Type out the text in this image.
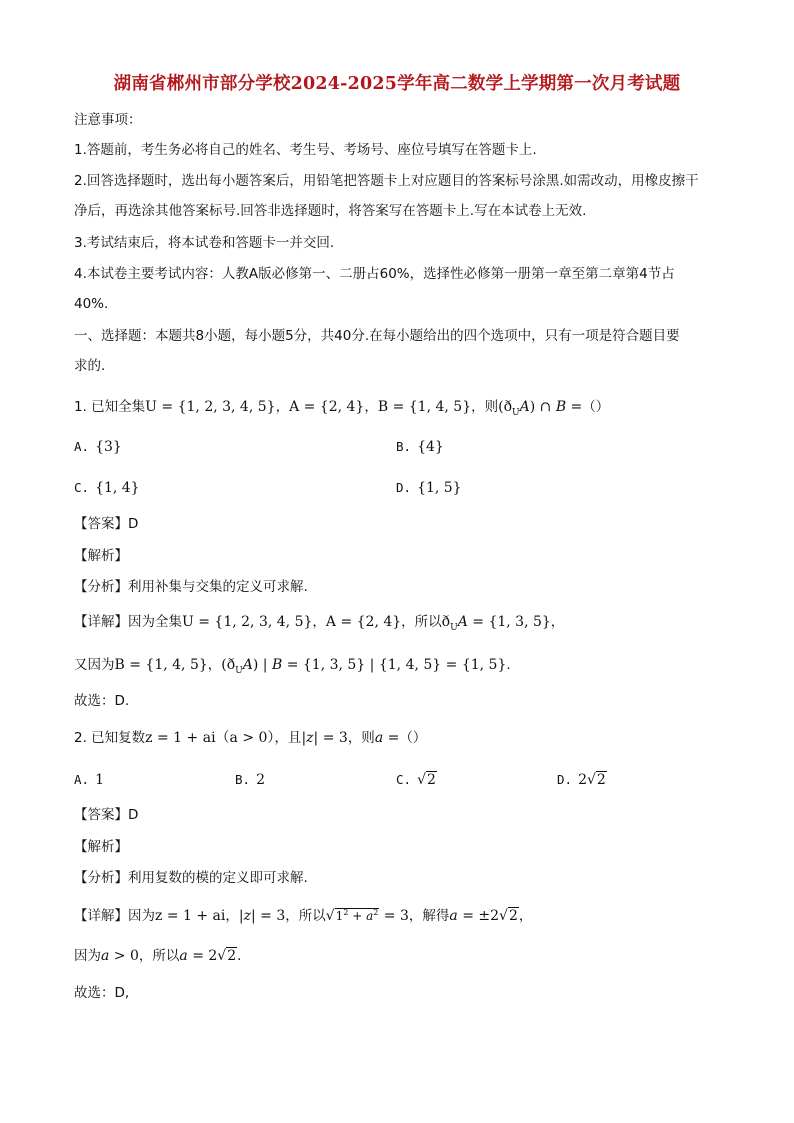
湖南省郴州市部分学校2024-2025学年高二数学上学期第一次月考试题
注意事项：
1.答题前，考生务必将自己的姓名、考生号、考场号、座位号填写在答题卡上.
2.回答选择题时，选出每小题答案后，用铅笔把答题卡上对应题目的答案标号涂黑.如需改动，用橡皮擦干
净后，再选涂其他答案标号.回答非选择题时，将答案写在答题卡上.写在本试卷上无效.
3.考试结束后，将本试卷和答题卡一并交回.
4.本试卷主要考试内容：人教A版必修第一、二册占60%，选择性必修第一册第一章至第二章第4节占
40%.
一、选择题：本题共8小题，每小题5分，共40分.在每小题给出的四个选项中，只有一项是符合题目要
求的.
1. 已知全集U = {1, 2, 3, 4, 5}，A = {2, 4}，B = {1, 4, 5}，则$(ð_UA)$ ∩ B =（）
A. {3}	B. {4}
C. {1, 4}	D. {1, 5}
【答案】D
【解析】
【分析】利用补集与交集的定义可求解.
【详解】因为全集U = {1, 2, 3, 4, 5}，A = {2, 4}，所以$ð_UA = \{1$, 3, 5}，
又因为B = {1, 4, 5}，$(ð_UA)$ | B = {1, 3, 5} | {1, 4, 5} = {1, 5}.
故选：D.
2. 已知复数z = 1 + ai（a > 0），且|z| = 3，则a =（）
A. 1	B. 2	C. √2	D. 2√2
【答案】D
【解析】
【分析】利用复数的模的定义即可求解.
【详解】因为z = 1 + ai，|z| = 3，所以$√1^2 + a^2 = 3$，解得a = ±2√2，
因为a > 0，所以a = 2√2.
故选：D,
